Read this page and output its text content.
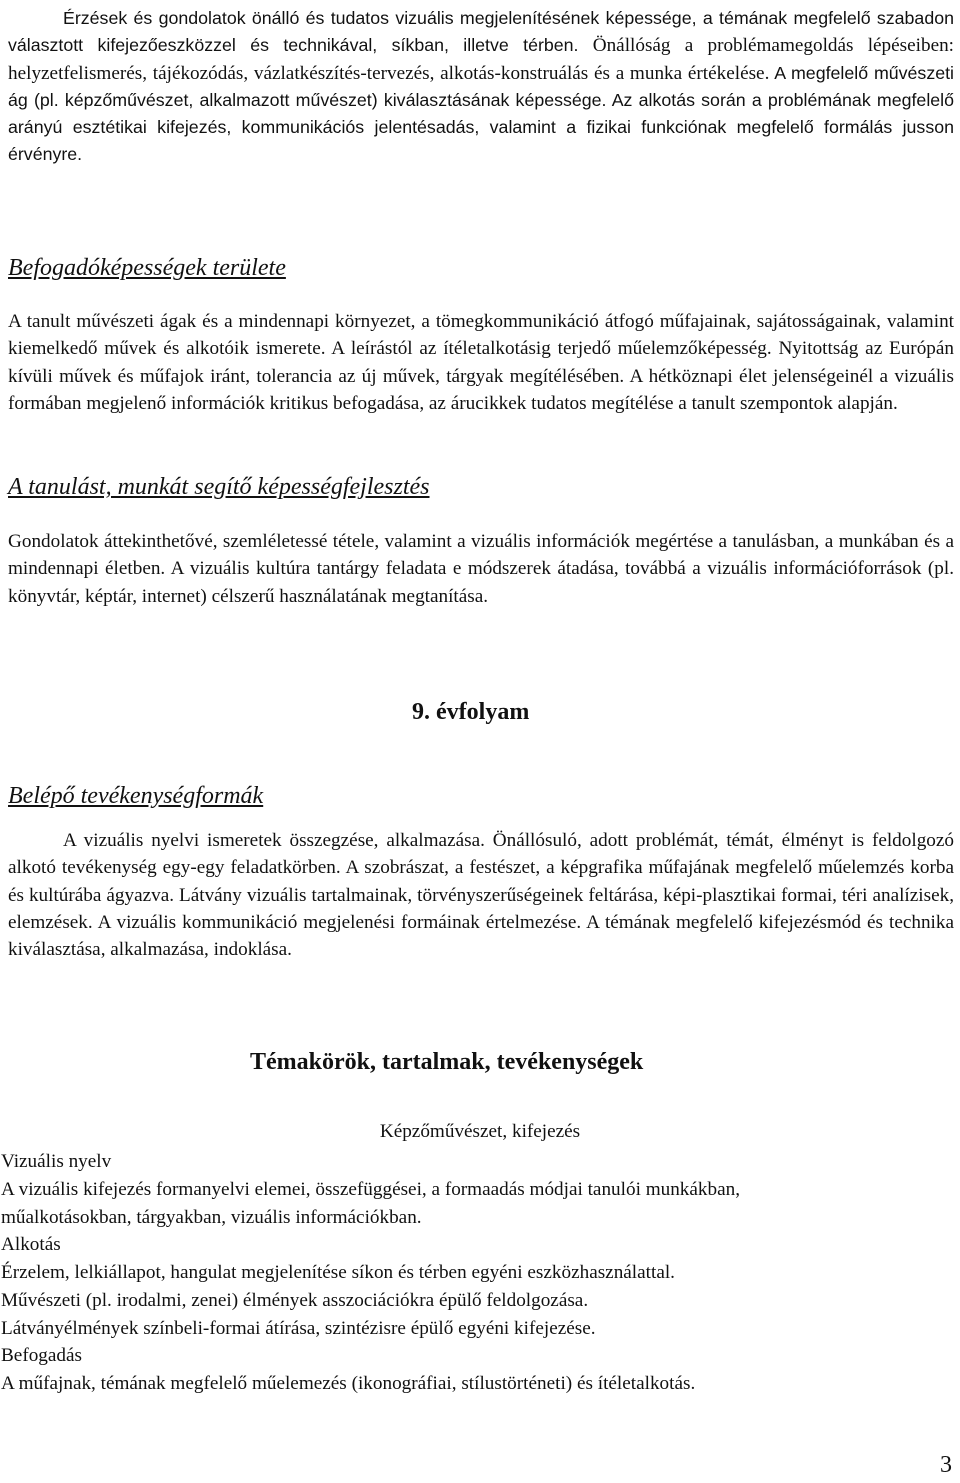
Érzések és gondolatok önálló és tudatos vizuális megjelenítésének képessége, a témának megfelelő szabadon választott kifejezőeszközzel és technikával, síkban, illetve térben. Önállóság a problémamegoldás lépéseiben: helyzetfelismerés, tájékozódás, vázlatkészítés-tervezés, alkotás-konstruálás és a munka értékelése. A megfelelő művészeti ág (pl. képzőművészet, alkalmazott művészet) kiválasztásának képessége. Az alkotás során a problémának megfelelő arányú esztétikai kifejezés, kommunikációs jelentésadás, valamint a fizikai funkciónak megfelelő formálás jusson érvényre.

Befogadóképességek területe

A tanult művészeti ágak és a mindennapi környezet, a tömegkommunikáció átfogó műfajainak, sajátosságainak, valamint kiemelkedő művek és alkotóik ismerete. A leírástól az ítéletalkotásig terjedő műelemzőképesség. Nyitottság az Európán kívüli művek és műfajok iránt, tolerancia az új művek, tárgyak megítélésében. A hétköznapi élet jelenségeinél a vizuális formában megjelenő információk kritikus befogadása, az árucikkek tudatos megítélése a tanult szempontok alapján.

A tanulást, munkát segítő képességfejlesztés

Gondolatok áttekinthetővé, szemléletessé tétele, valamint a vizuális információk megértése a tanulásban, a munkában és a mindennapi életben. A vizuális kultúra tantárgy feladata e módszerek átadása, továbbá a vizuális információforrások (pl. könyvtár, képtár, internet) célszerű használatának megtanítása.

9. évfolyam
Belépő tevékenységformák

A vizuális nyelvi ismeretek összegzése, alkalmazása. Önállósuló, adott problémát, témát, élményt is feldolgozó alkotó tevékenység egy-egy feladatkörben. A szobrászat, a festészet, a képgrafika műfajának megfelelő műelemzés korba és kultúrába ágyazva. Látvány vizuális tartalmainak, törvényszerűségeinek feltárása, képi-plasztikai formai, téri analízisek, elemzések. A vizuális kommunikáció megjelenési formáinak értelmezése. A témának megfelelő kifejezésmód és technika kiválasztása, alkalmazása, indoklása.

Témakörök, tartalmak, tevékenységek
Képzőművészet, kifejezés
Vizuális nyelv
A vizuális kifejezés formanyelvi elemei, összefüggései, a formaadás módjai tanulói munkákban,
műalkotásokban, tárgyakban, vizuális információkban.
Alkotás
Érzelem, lelkiállapot, hangulat megjelenítése síkon és térben egyéni eszközhasználattal.
Művészeti (pl. irodalmi, zenei) élmények asszociációkra épülő feldolgozása.
Látványélmények színbeli-formai átírása, szintézisre épülő egyéni kifejezése.
Befogadás
A műfajnak, témának megfelelő műelemezés (ikonográfiai, stílustörténeti) és ítéletalkotás.
3
